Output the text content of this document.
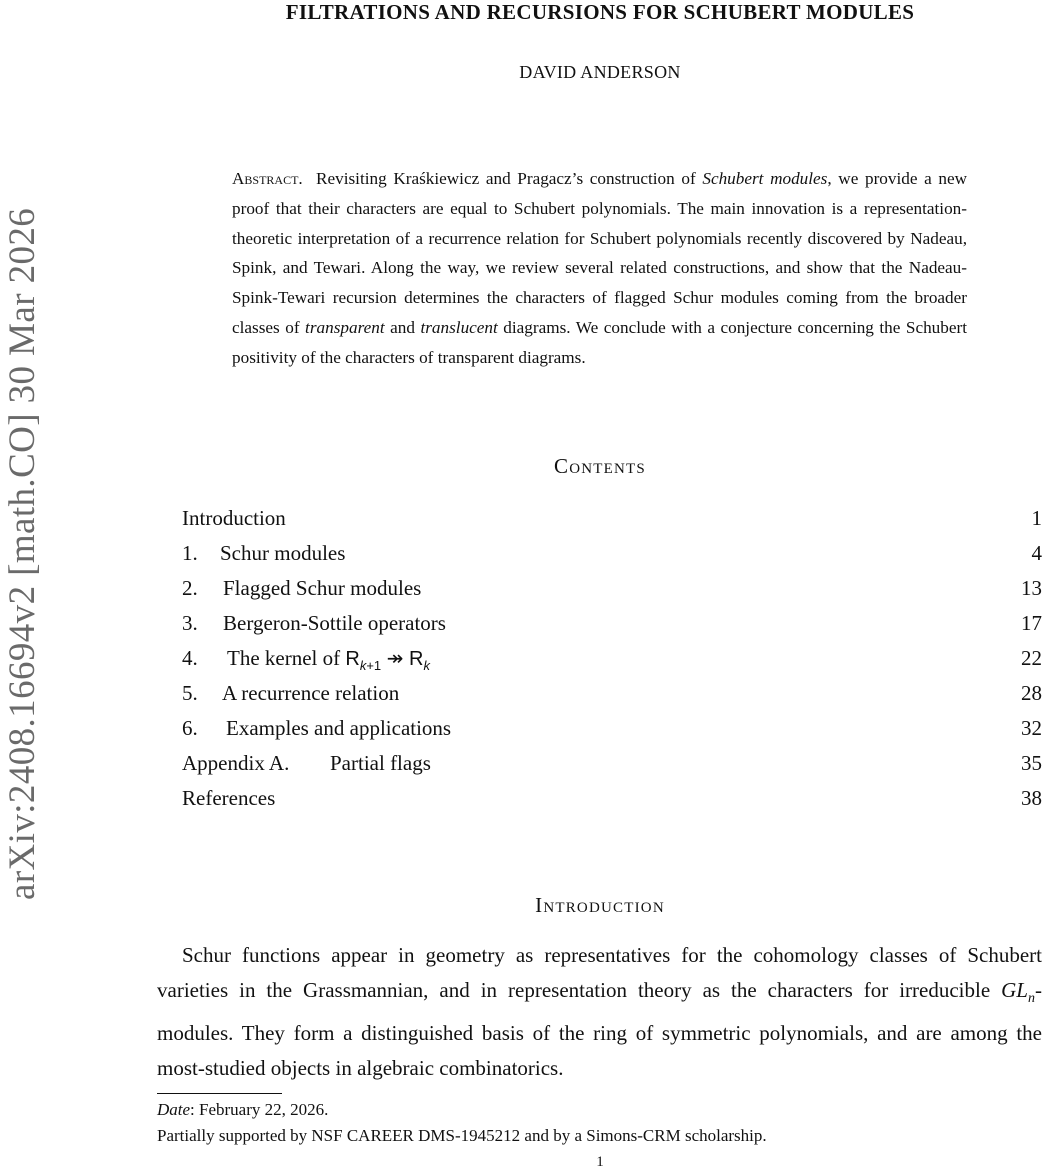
FILTRATIONS AND RECURSIONS FOR SCHUBERT MODULES
DAVID ANDERSON
arXiv:2408.16694v2 [math.CO] 30 Mar 2026
Abstract. Revisiting Kraśkiewicz and Pragacz’s construction of Schubert modules, we provide a new proof that their characters are equal to Schubert polynomials. The main innovation is a representation-theoretic interpretation of a recurrence relation for Schubert polynomials recently discovered by Nadeau, Spink, and Tewari. Along the way, we review several related constructions, and show that the Nadeau-Spink-Tewari recursion determines the characters of flagged Schur modules coming from the broader classes of transparent and translucent diagrams. We conclude with a conjecture concerning the Schubert positivity of the characters of transparent diagrams.
Contents
Introduction	1
1. Schur modules	4
2. Flagged Schur modules	13
3. Bergeron-Sottile operators	17
4. The kernel of $R_{k+1}$ ↠ $R_k$	22
5. A recurrence relation	28
6. Examples and applications	32
Appendix A. Partial flags	35
References	38
Introduction
Schur functions appear in geometry as representatives for the cohomology classes of Schubert varieties in the Grassmannian, and in representation theory as the characters for irreducible $GL_n$-modules. They form a distinguished basis of the ring of symmetric polynomials, and are among the most-studied objects in algebraic combinatorics.
Date: February 22, 2026.
Partially supported by NSF CAREER DMS-1945212 and by a Simons-CRM scholarship.
1
